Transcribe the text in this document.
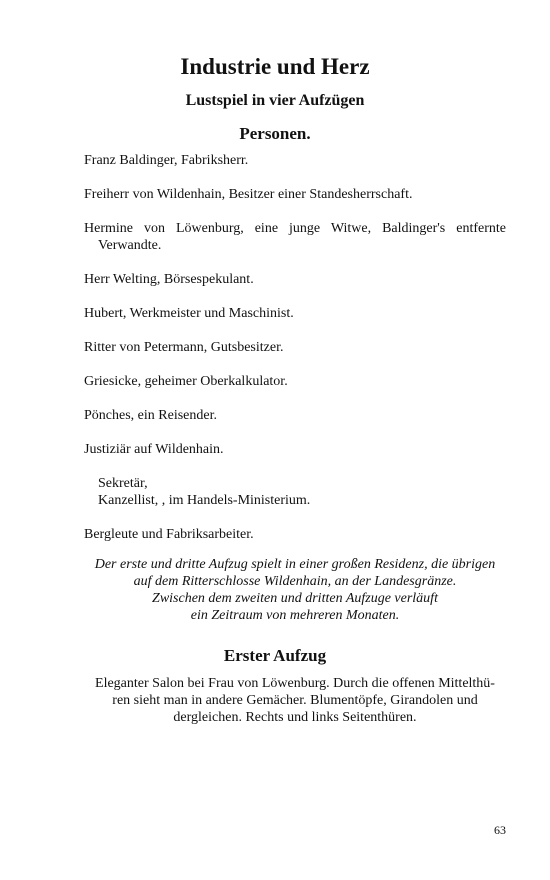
Industrie und Herz
Lustspiel in vier Aufzügen
Personen.
Franz Baldinger, Fabriksherr.
Freiherr von Wildenhain, Besitzer einer Standesherrschaft.
Hermine von Löwenburg, eine junge Witwe, Baldinger's entfernte Verwandte.
Herr Welting, Börsespekulant.
Hubert, Werkmeister und Maschinist.
Ritter von Petermann, Gutsbesitzer.
Griesicke, geheimer Oberkalkulator.
Pönches, ein Reisender.
Justiziär auf Wildenhain.
Sekretär,
Kanzellist, , im Handels-Ministerium.
Bergleute und Fabriksarbeiter.

Der erste und dritte Aufzug spielt in einer großen Residenz, die übrigen
auf dem Ritterschlosse Wildenhain, an der Landesgränze.
Zwischen dem zweiten und dritten Aufzuge verläuft
ein Zeitraum von mehreren Monaten.

Erster Aufzug

Eleganter Salon bei Frau von Löwenburg. Durch die offenen Mittelthü-
ren sieht man in andere Gemächer. Blumentöpfe, Girandolen und
dergleichen. Rechts und links Seitenthüren.

63
